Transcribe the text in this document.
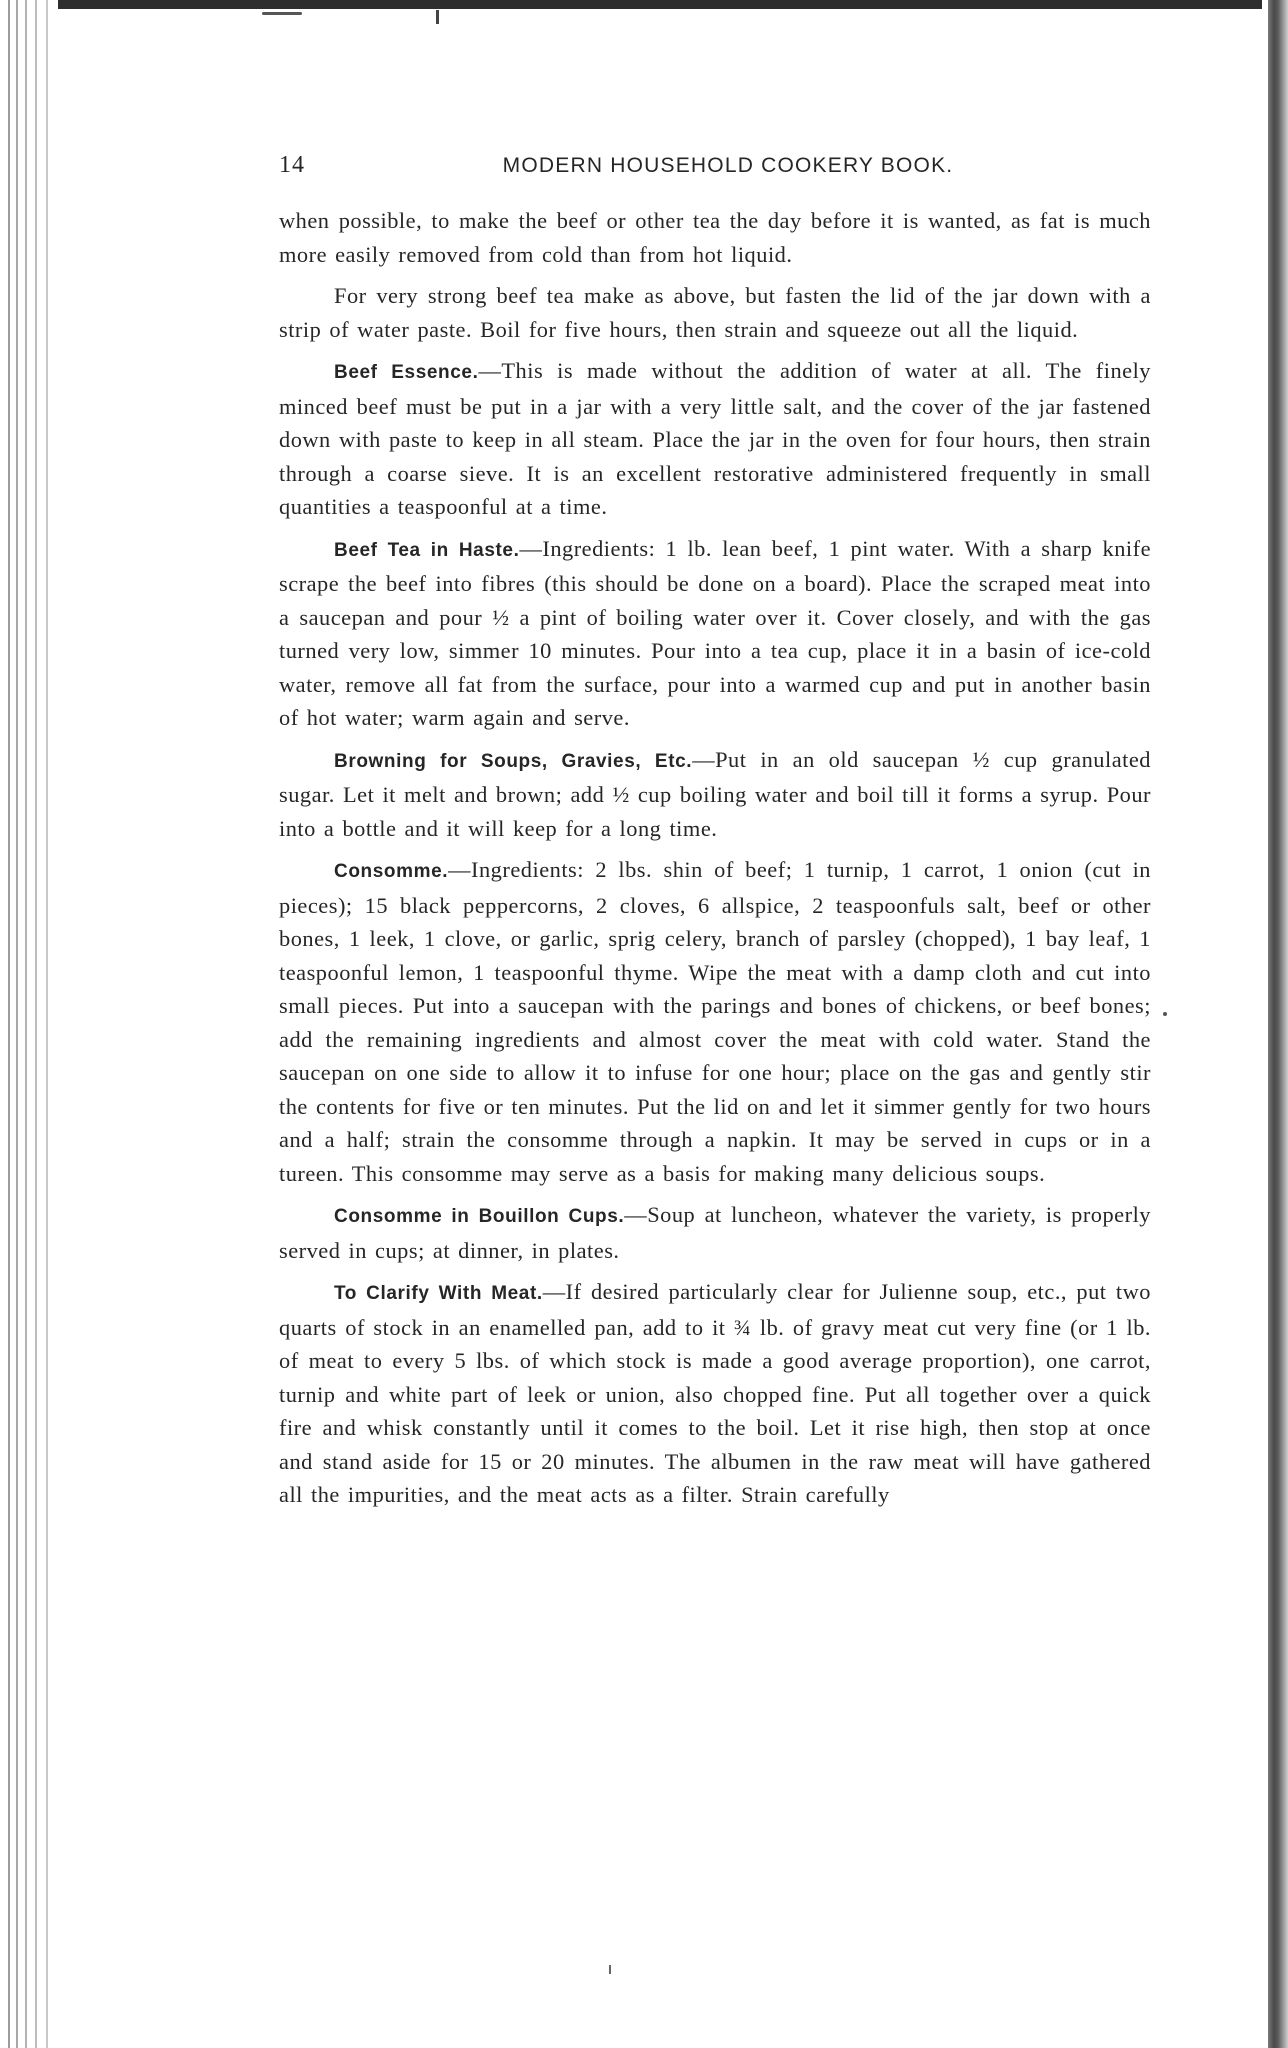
14	MODERN HOUSEHOLD COOKERY BOOK.

when possible, to make the beef or other tea the day before it is wanted, as fat is much more easily removed from cold than from hot liquid.

For very strong beef tea make as above, but fasten the lid of the jar down with a strip of water paste. Boil for five hours, then strain and squeeze out all the liquid.

Beef Essence.—This is made without the addition of water at all. The finely minced beef must be put in a jar with a very little salt, and the cover of the jar fastened down with paste to keep in all steam. Place the jar in the oven for four hours, then strain through a coarse sieve. It is an excellent restorative administered frequently in small quantities a teaspoonful at a time.

Beef Tea in Haste.—Ingredients: 1 lb. lean beef, 1 pint water. With a sharp knife scrape the beef into fibres (this should be done on a board). Place the scraped meat into a saucepan and pour ½ a pint of boiling water over it. Cover closely, and with the gas turned very low, simmer 10 minutes. Pour into a tea cup, place it in a basin of ice-cold water, remove all fat from the surface, pour into a warmed cup and put in another basin of hot water; warm again and serve.

Browning for Soups, Gravies, Etc.—Put in an old saucepan ½ cup granulated sugar. Let it melt and brown; add ½ cup boiling water and boil till it forms a syrup. Pour into a bottle and it will keep for a long time.

Consomme.—Ingredients: 2 lbs. shin of beef; 1 turnip, 1 carrot, 1 onion (cut in pieces); 15 black peppercorns, 2 cloves, 6 allspice, 2 teaspoonfuls salt, beef or other bones, 1 leek, 1 clove, or garlic, sprig celery, branch of parsley (chopped), 1 bay leaf, 1 teaspoonful lemon, 1 teaspoonful thyme. Wipe the meat with a damp cloth and cut into small pieces. Put into a saucepan with the parings and bones of chickens, or beef bones; add the remaining ingredients and almost cover the meat with cold water. Stand the saucepan on one side to allow it to infuse for one hour; place on the gas and gently stir the contents for five or ten minutes. Put the lid on and let it simmer gently for two hours and a half; strain the consomme through a napkin. It may be served in cups or in a tureen. This consomme may serve as a basis for making many delicious soups.

Consomme in Bouillon Cups.—Soup at luncheon, whatever the variety, is properly served in cups; at dinner, in plates.

To Clarify With Meat.—If desired particularly clear for Julienne soup, etc., put two quarts of stock in an enamelled pan, add to it ¾ lb. of gravy meat cut very fine (or 1 lb. of meat to every 5 lbs. of which stock is made a good average proportion), one carrot, turnip and white part of leek or union, also chopped fine. Put all together over a quick fire and whisk constantly until it comes to the boil. Let it rise high, then stop at once and stand aside for 15 or 20 minutes. The albumen in the raw meat will have gathered all the impurities, and the meat acts as a filter. Strain carefully
